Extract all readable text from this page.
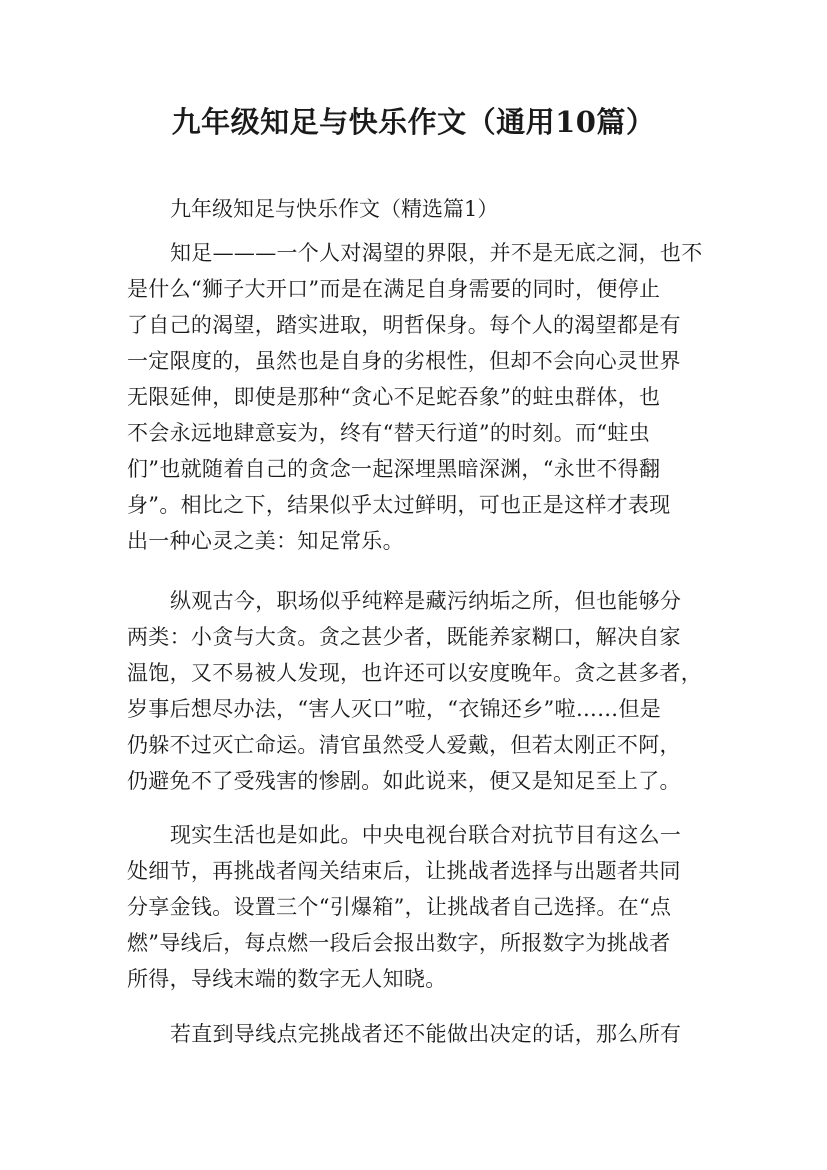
九年级知足与快乐作文（通用10篇）

九年级知足与快乐作文（精选篇1）

知足———一个人对渴望的界限，并不是无底之洞，也不

是什么“狮子大开口”而是在满足自身需要的同时，便停止

了自己的渴望，踏实进取，明哲保身。每个人的渴望都是有

一定限度的，虽然也是自身的劣根性，但却不会向心灵世界

无限延伸，即使是那种“贪心不足蛇吞象”的蛀虫群体，也

不会永远地肆意妄为，终有“替天行道”的时刻。而“蛀虫

们”也就随着自己的贪念一起深埋黑暗深渊，“永世不得翻

身”。相比之下，结果似乎太过鲜明，可也正是这样才表现

出一种心灵之美：知足常乐。

纵观古今，职场似乎纯粹是藏污纳垢之所，但也能够分

两类：小贪与大贪。贪之甚少者，既能养家糊口，解决自家

温饱，又不易被人发现，也许还可以安度晚年。贪之甚多者，

岁事后想尽办法，“害人灭口”啦，“衣锦还乡”啦……但是

仍躲不过灭亡命运。清官虽然受人爱戴，但若太刚正不阿，

仍避免不了受残害的惨剧。如此说来，便又是知足至上了。

现实生活也是如此。中央电视台联合对抗节目有这么一

处细节，再挑战者闯关结束后，让挑战者选择与出题者共同

分享金钱。设置三个“引爆箱”，让挑战者自己选择。在“点

燃”导线后，每点燃一段后会报出数字，所报数字为挑战者

所得，导线末端的数字无人知晓。

若直到导线点完挑战者还不能做出决定的话，那么所有
